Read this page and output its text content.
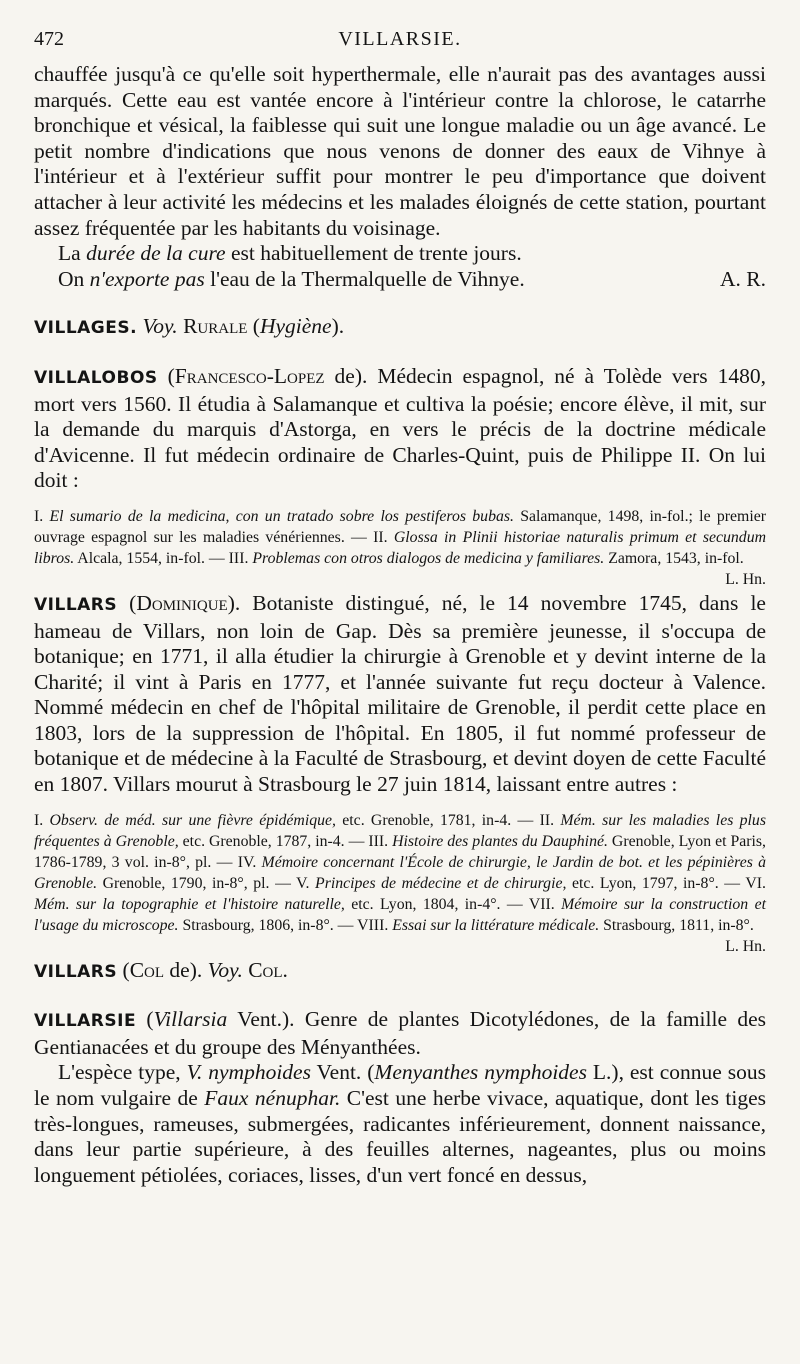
472	VILLARSIE.

chauffée jusqu'à ce qu'elle soit hyperthermale, elle n'aurait pas des avantages aussi marqués. Cette eau est vantée encore à l'intérieur contre la chlorose, le catarrhe bronchique et vésical, la faiblesse qui suit une longue maladie ou un âge avancé. Le petit nombre d'indications que nous venons de donner des eaux de Vihnye à l'intérieur et à l'extérieur suffit pour montrer le peu d'importance que doivent attacher à leur activité les médecins et les malades éloignés de cette station, pourtant assez fréquentée par les habitants du voisinage.

La durée de la cure est habituellement de trente jours.

On n'exporte pas l'eau de la Thermalquelle de Vihnye.	A. R.

VILLAGES. Voy. Rurale (Hygiène).

VILLALOBOS (Francesco-Lopez de). Médecin espagnol, né à Tolède vers 1480, mort vers 1560. Il étudia à Salamanque et cultiva la poésie; encore élève, il mit, sur la demande du marquis d'Astorga, en vers le précis de la doctrine médicale d'Avicenne. Il fut médecin ordinaire de Charles-Quint, puis de Philippe II. On lui doit :

I. El sumario de la medicina, con un tratado sobre los pestiferos bubas. Salamanque, 1498, in-fol.; le premier ouvrage espagnol sur les maladies vénériennes. — II. Glossa in Plinii historiae naturalis primum et secundum libros. Alcala, 1554, in-fol. — III. Problemas con otros dialogos de medicina y familiares. Zamora, 1543, in-fol.
L. Hn.

VILLARS (Dominique). Botaniste distingué, né, le 14 novembre 1745, dans le hameau de Villars, non loin de Gap. Dès sa première jeunesse, il s'occupa de botanique; en 1771, il alla étudier la chirurgie à Grenoble et y devint interne de la Charité; il vint à Paris en 1777, et l'année suivante fut reçu docteur à Valence. Nommé médecin en chef de l'hôpital militaire de Grenoble, il perdit cette place en 1803, lors de la suppression de l'hôpital. En 1805, il fut nommé professeur de botanique et de médecine à la Faculté de Strasbourg, et devint doyen de cette Faculté en 1807. Villars mourut à Strasbourg le 27 juin 1814, laissant entre autres :

I. Observ. de méd. sur une fièvre épidémique, etc. Grenoble, 1781, in-4. — II. Mém. sur les maladies les plus fréquentes à Grenoble, etc. Grenoble, 1787, in-4. — III. Histoire des plantes du Dauphiné. Grenoble, Lyon et Paris, 1786-1789, 3 vol. in-8°, pl. — IV. Mémoire concernant l'École de chirurgie, le Jardin de bot. et les pépinières à Grenoble. Grenoble, 1790, in-8°, pl. — V. Principes de médecine et de chirurgie, etc. Lyon, 1797, in-8°. — VI. Mém. sur la topographie et l'histoire naturelle, etc. Lyon, 1804, in-4°. — VII. Mémoire sur la construction et l'usage du microscope. Strasbourg, 1806, in-8°. — VIII. Essai sur la littérature médicale. Strasbourg, 1811, in-8°.
L. Hn.

VILLARS (Col de). Voy. Col.

VILLARSIE (Villarsia Vent.). Genre de plantes Dicotylédones, de la famille des Gentianacées et du groupe des Ményanthées.

L'espèce type, V. nymphoides Vent. (Menyanthes nymphoides L.), est connue sous le nom vulgaire de Faux nénuphar. C'est une herbe vivace, aquatique, dont les tiges très-longues, rameuses, submergées, radicantes inférieurement, donnent naissance, dans leur partie supérieure, à des feuilles alternes, nageantes, plus ou moins longuement pétiolées, coriaces, lisses, d'un vert foncé en dessus,
